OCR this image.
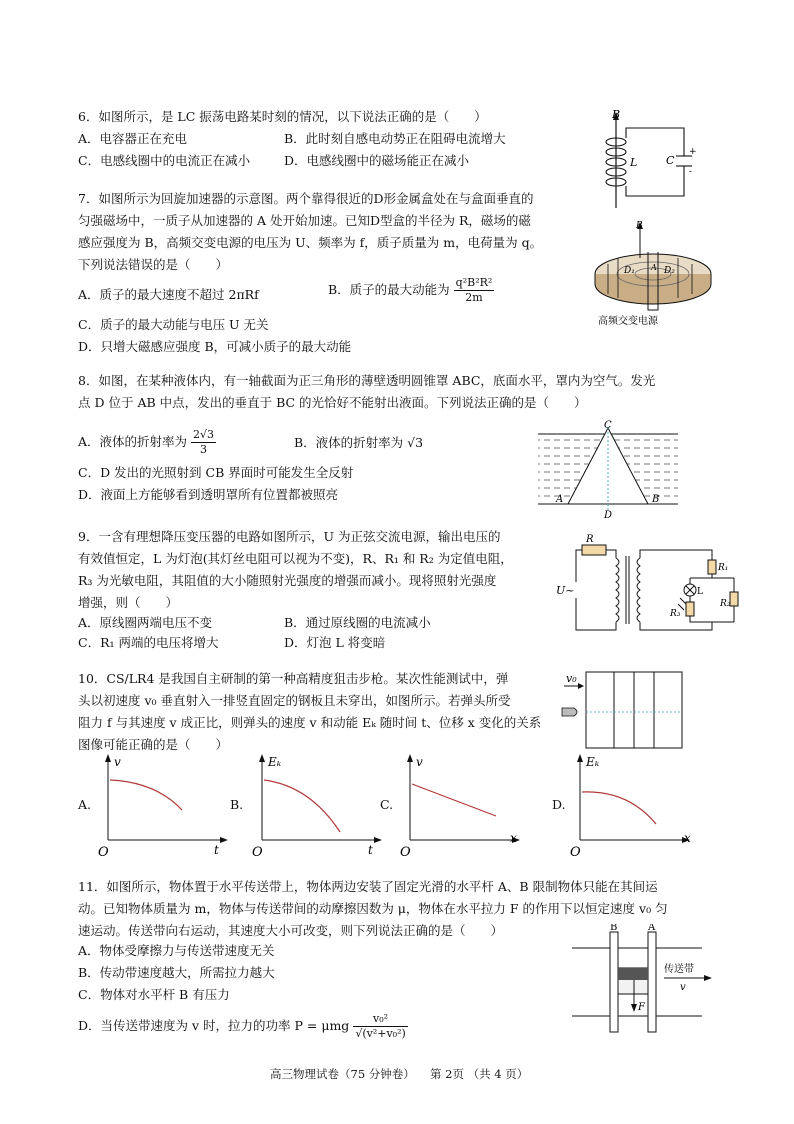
6．如图所示，是 LC 振荡电路某时刻的情况，以下说法正确的是（　　）
A．电容器正在充电	B．此时刻自感电动势正在阻碍电流增大
C．电感线圈中的电流正在减小	D．电感线圈中的磁场能正在减小
B
L	C
+
-
7．如图所示为回旋加速器的示意图。两个靠得很近的D形金属盒处在与盒面垂直的
匀强磁场中，一质子从加速器的 A 处开始加速。已知D型盒的半径为 R，磁场的磁
感应强度为 B，高频交变电源的电压为 U、频率为 f，质子质量为 m，电荷量为 q。
下列说法错误的是（　　）
A．质子的最大速度不超过 2πRf	B．质子的最大动能为 $\frac{\text{q²B²R²}}{2m}$
C．质子的最大动能与电压 U 无关
D．只增大磁感应强度 B，可减小质子的最大动能
B
D₁	D₂
A
高频交变电源
8．如图，在某种液体内，有一轴截面为正三角形的薄壁透明圆锥罩 ABC，底面水平，罩内为空气。发光
点 D 位于 AB 中点，发出的垂直于 BC 的光恰好不能射出液面。下列说法正确的是（　　）
A．液体的折射率为 $\frac{2√3}{3}$	B．液体的折射率为 √3
C．D 发出的光照射到 CB 界面时可能发生全反射
D．液面上方能够看到透明罩所有位置都被照亮
C
A	B
D
9．一含有理想降压变压器的电路如图所示，U 为正弦交流电源，输出电压的
有效值恒定，L 为灯泡(其灯丝电阻可以视为不变)，R、R₁ 和 R₂ 为定值电阻，
R₃ 为光敏电阻，其阻值的大小随照射光强度的增强而减小。现将照射光强度
增强，则（　　）
A．原线圈两端电压不变	B．通过原线圈的电流减小
C．R₁ 两端的电压将增大	D．灯泡 L 将变暗
R
U~
R₁
L
R₃
R₂
10．CS/LR4 是我国自主研制的第一种高精度狙击步枪。某次性能测试中，弹
头以初速度 v₀ 垂直射入一排竖直固定的钢板且未穿出，如图所示。若弹头所受
阻力 f 与其速度 v 成正比，则弹头的速度 v 和动能 Eₖ 随时间 t、位移 x 变化的关系
图像可能正确的是（　　）
v₀
A.
v
t
O
B.
Eₖ
t
O
C.
v
x
O
D.
Eₖ
x
O
11．如图所示，物体置于水平传送带上，物体两边安装了固定光滑的水平杆 A、B 限制物体只能在其间运
动。已知物体质量为 m，物体与传送带间的动摩擦因数为 μ，物体在水平拉力 F 的作用下以恒定速度 v₀ 匀
速运动。传送带向右运动，其速度大小可改变，则下列说法正确的是（　　）
A．物体受摩擦力与传送带速度无关
B．传动带速度越大，所需拉力越大
C．物体对水平杆 B 有压力
D．当传送带速度为 v 时，拉力的功率 P = μmg $\frac{\text{v₀²}}{\text{√(v²+v₀²)}}$
F
B	A
传送带
v
高三物理试卷（75 分钟卷） 第 2页 （共 4 页）
